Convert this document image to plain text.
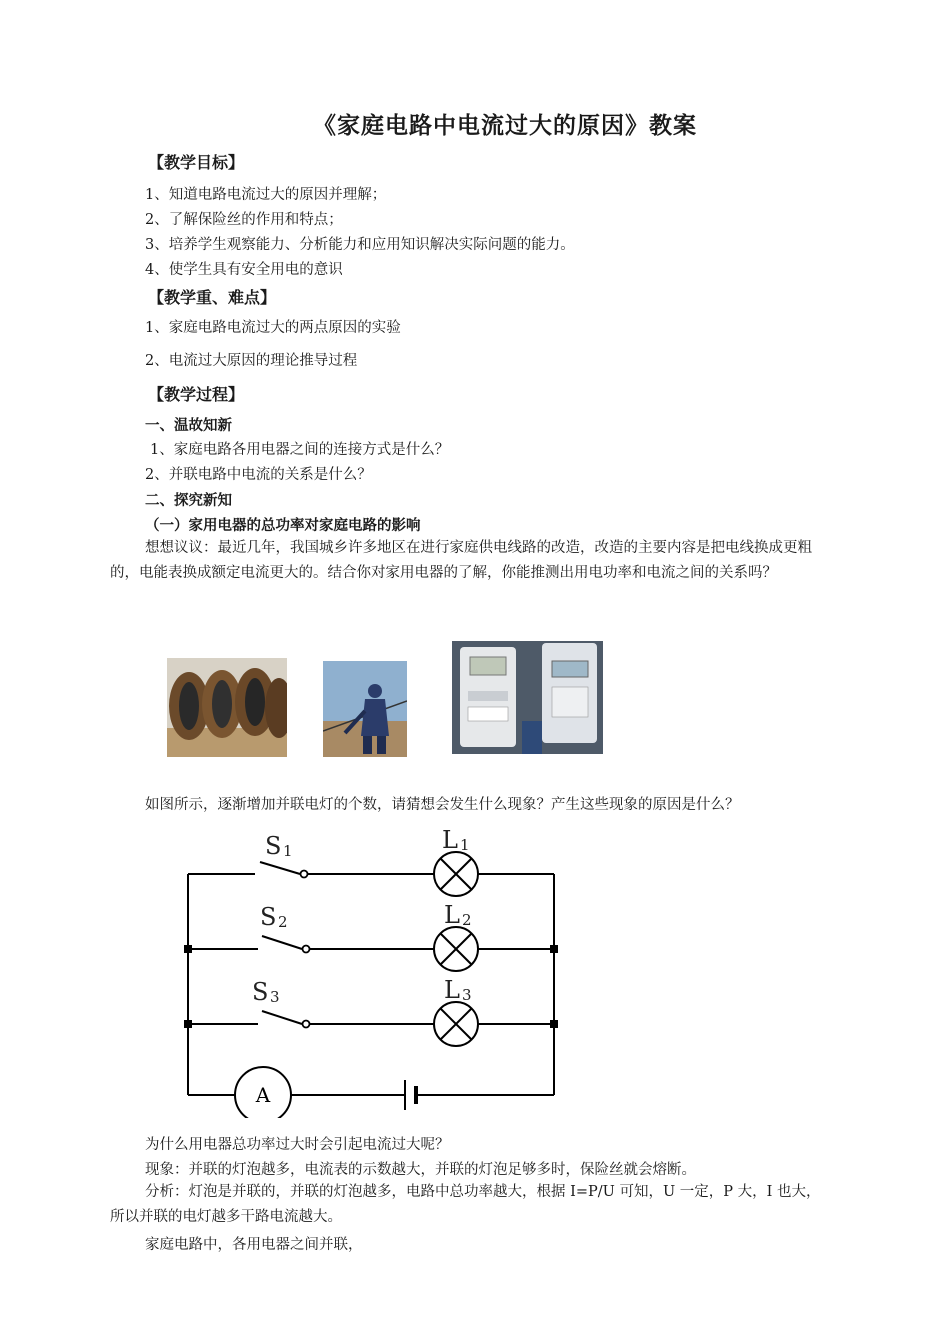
《家庭电路中电流过大的原因》教案
【教学目标】
1、知道电路电流过大的原因并理解；
2、了解保险丝的作用和特点；
3、培养学生观察能力、分析能力和应用知识解决实际问题的能力。
4、使学生具有安全用电的意识
【教学重、难点】
1、家庭电路电流过大的两点原因的实验
2、电流过大原因的理论推导过程
【教学过程】
一、温故知新
1、家庭电路各用电器之间的连接方式是什么？
2、并联电路中电流的关系是什么？
二、探究新知
（一）家用电器的总功率对家庭电路的影响
想想议议：最近几年，我国城乡许多地区在进行家庭供电线路的改造，改造的主要内容是把电线换成更粗的，电能表换成额定电流更大的。结合你对家用电器的了解，你能推测出用电功率和电流之间的关系吗？
如图所示，逐渐增加并联电灯的个数，请猜想会发生什么现象？产生这些现象的原因是什么？
A
S 1
S 2
S 3
L 1
L 2
L 3
为什么用电器总功率过大时会引起电流过大呢？
现象：并联的灯泡越多，电流表的示数越大，并联的灯泡足够多时，保险丝就会熔断。
分析：灯泡是并联的，并联的灯泡越多，电路中总功率越大，根据 I=P/U 可知，U 一定，P 大，I 也大，所以并联的电灯越多干路电流越大。
家庭电路中，各用电器之间并联，
